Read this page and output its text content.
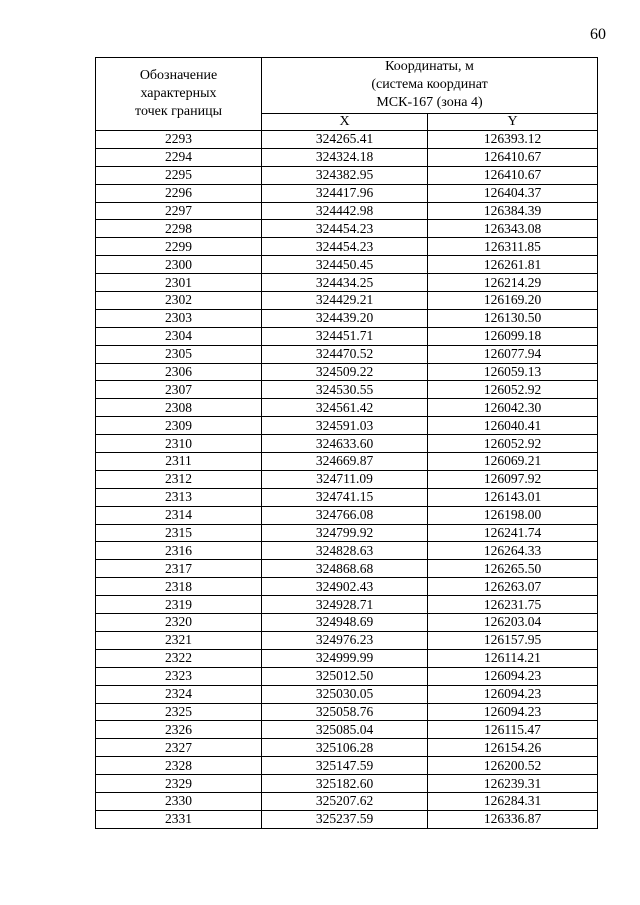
60
Обозначение
характерных
точек границы	Координаты, м
(система координат
МСК-167 (зона 4)	

	X	Y
2293	324265.41	126393.12
2294	324324.18	126410.67
2295	324382.95	126410.67
2296	324417.96	126404.37
2297	324442.98	126384.39
2298	324454.23	126343.08
2299	324454.23	126311.85
2300	324450.45	126261.81
2301	324434.25	126214.29
2302	324429.21	126169.20
2303	324439.20	126130.50
2304	324451.71	126099.18
2305	324470.52	126077.94
2306	324509.22	126059.13
2307	324530.55	126052.92
2308	324561.42	126042.30
2309	324591.03	126040.41
2310	324633.60	126052.92
2311	324669.87	126069.21
2312	324711.09	126097.92
2313	324741.15	126143.01
2314	324766.08	126198.00
2315	324799.92	126241.74
2316	324828.63	126264.33
2317	324868.68	126265.50
2318	324902.43	126263.07
2319	324928.71	126231.75
2320	324948.69	126203.04
2321	324976.23	126157.95
2322	324999.99	126114.21
2323	325012.50	126094.23
2324	325030.05	126094.23
2325	325058.76	126094.23
2326	325085.04	126115.47
2327	325106.28	126154.26
2328	325147.59	126200.52
2329	325182.60	126239.31
2330	325207.62	126284.31
2331	325237.59	126336.87
